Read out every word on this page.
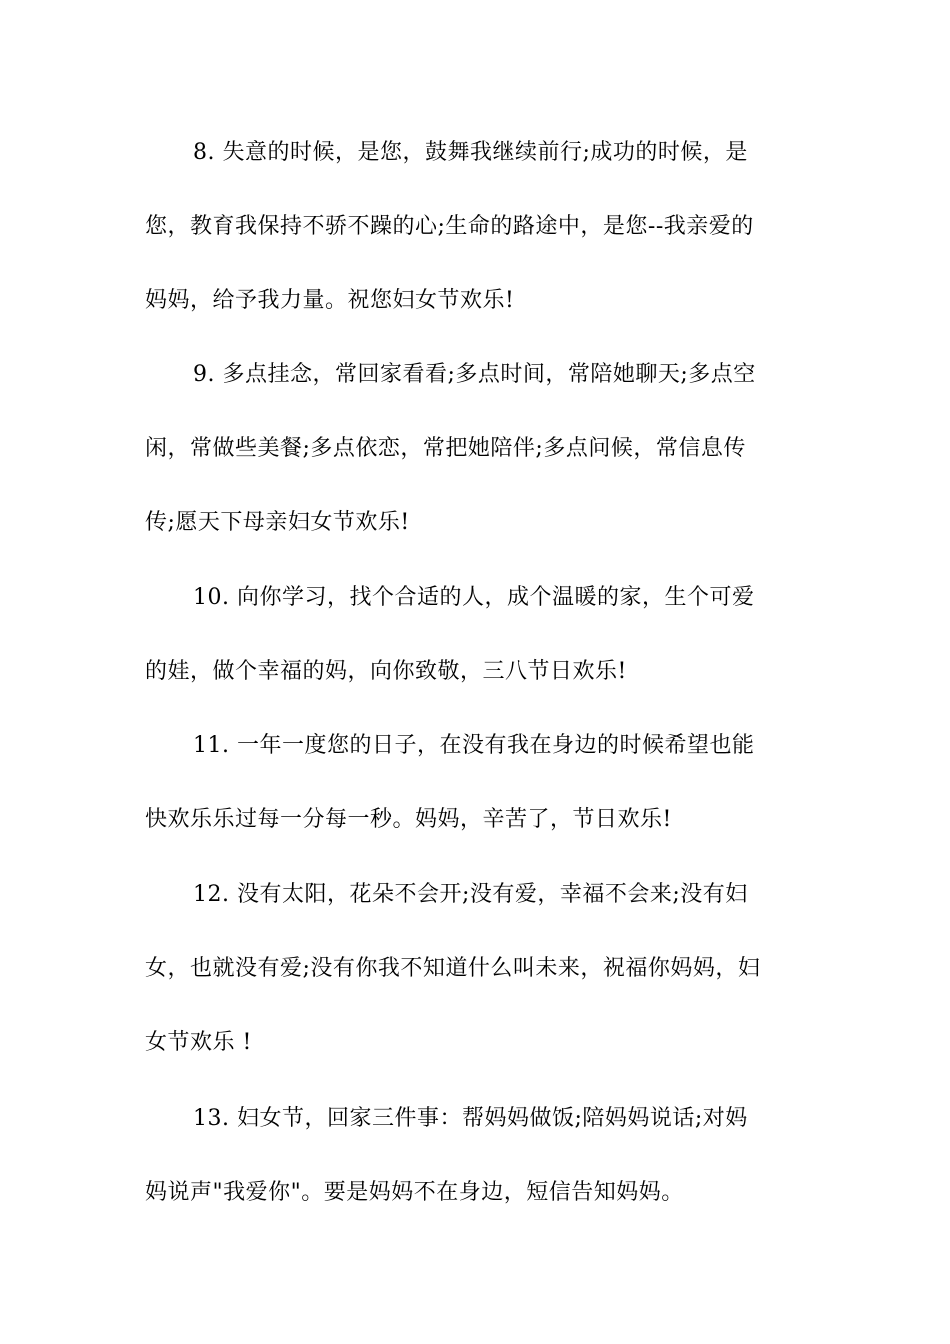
8. 失意的时候，是您，鼓舞我继续前行;成功的时候，是
您，教育我保持不骄不躁的心;生命的路途中，是您--我亲爱的
妈妈，给予我力量。祝您妇女节欢乐!
9. 多点挂念，常回家看看;多点时间，常陪她聊天;多点空
闲，常做些美餐;多点依恋，常把她陪伴;多点问候，常信息传
传;愿天下母亲妇女节欢乐!
10. 向你学习，找个合适的人，成个温暖的家，生个可爱
的娃，做个幸福的妈，向你致敬，三八节日欢乐!
11. 一年一度您的日子，在没有我在身边的时候希望也能
快欢乐乐过每一分每一秒。妈妈，辛苦了，节日欢乐!
12. 没有太阳，花朵不会开;没有爱，幸福不会来;没有妇
女，也就没有爱;没有你我不知道什么叫未来，祝福你妈妈，妇
女节欢乐 !
13. 妇女节，回家三件事：帮妈妈做饭;陪妈妈说话;对妈
妈说声"我爱你"。要是妈妈不在身边，短信告知妈妈。
